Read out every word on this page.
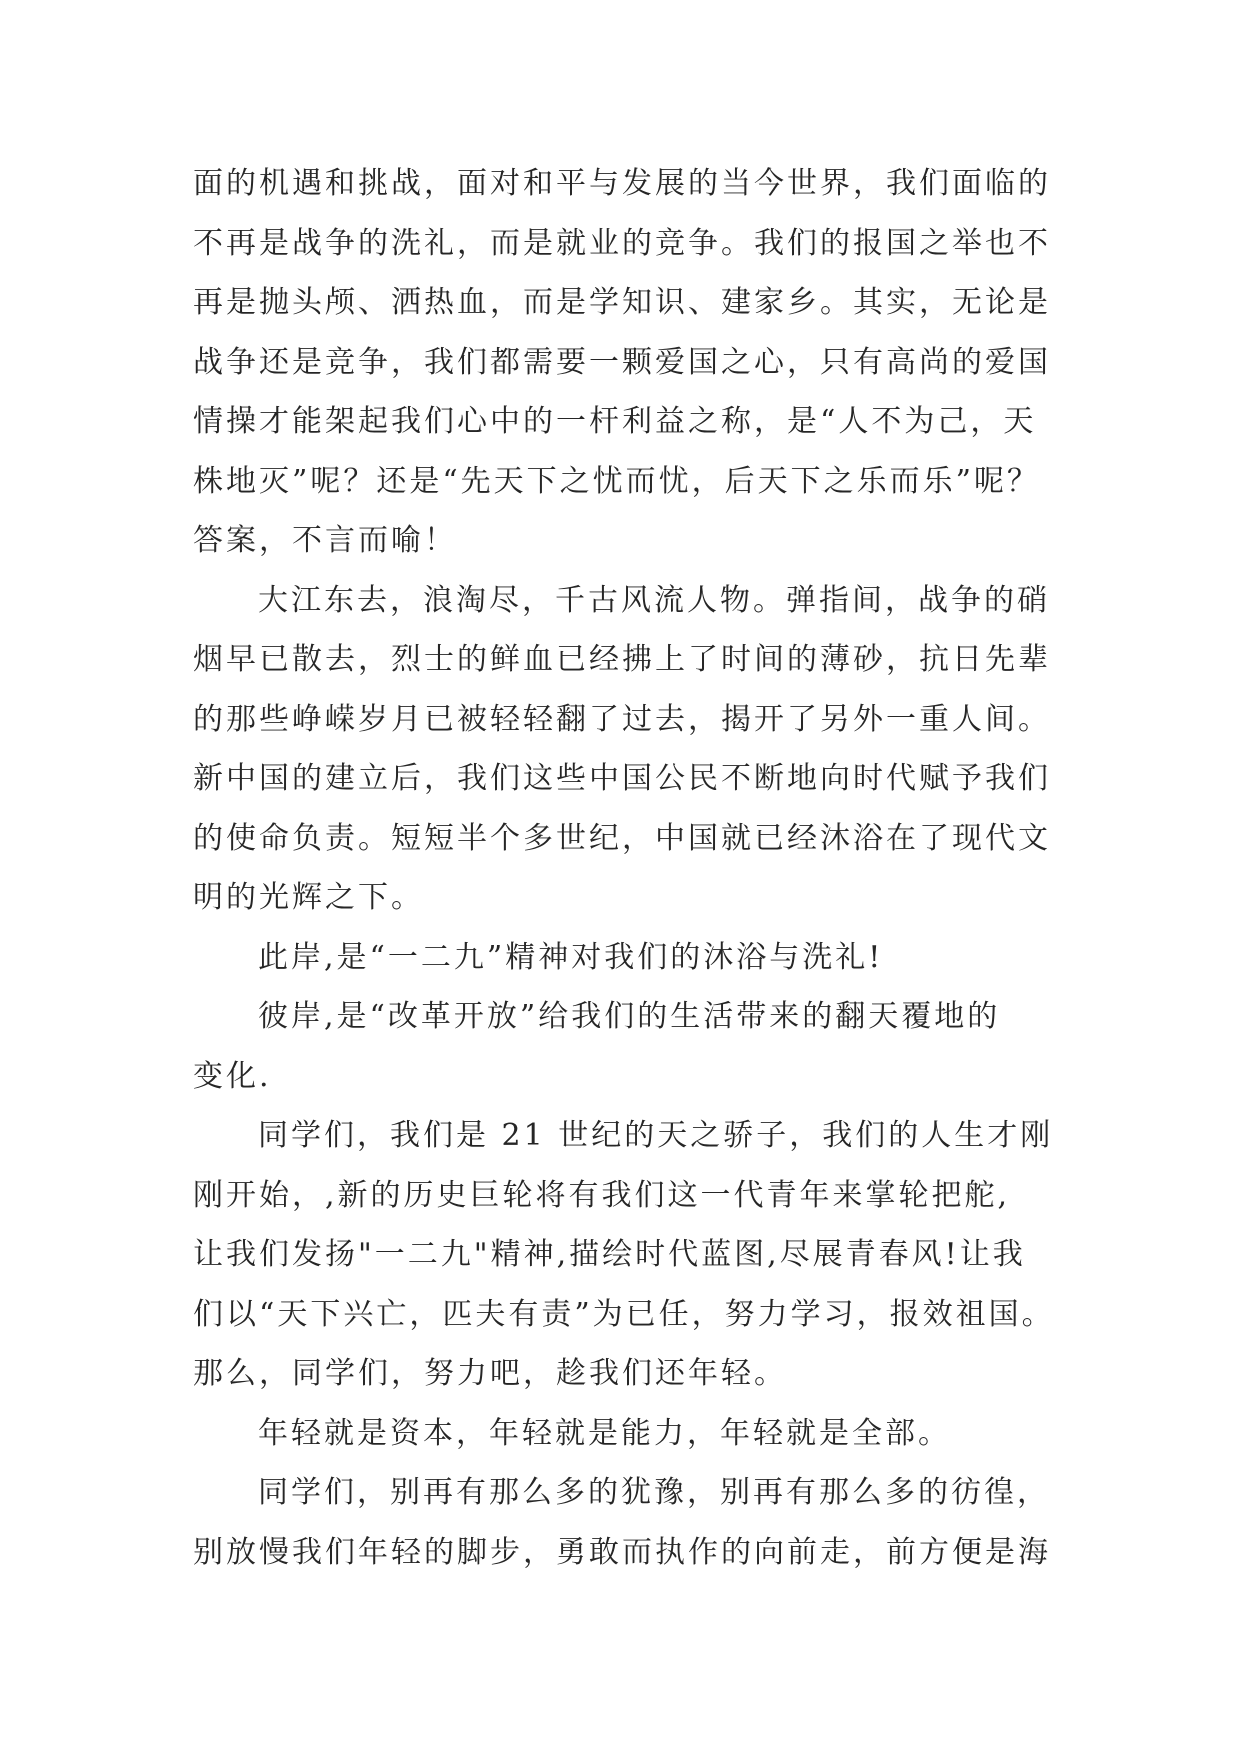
面的机遇和挑战，面对和平与发展的当今世界，我们面临的
不再是战争的洗礼，而是就业的竞争。我们的报国之举也不
再是抛头颅、洒热血，而是学知识、建家乡。其实，无论是
战争还是竞争，我们都需要一颗爱国之心，只有高尚的爱国
情操才能架起我们心中的一杆利益之称，是“人不为己，天
株地灭”呢？还是“先天下之忧而忧，后天下之乐而乐”呢？
答案，不言而喻！
大江东去，浪淘尽，千古风流人物。弹指间，战争的硝
烟早已散去，烈士的鲜血已经拂上了时间的薄砂，抗日先辈
的那些峥嵘岁月已被轻轻翻了过去，揭开了另外一重人间。
新中国的建立后，我们这些中国公民不断地向时代赋予我们
的使命负责。短短半个多世纪，中国就已经沐浴在了现代文
明的光辉之下。
此岸,是“一二九”精神对我们的沐浴与洗礼!
彼岸,是“改革开放”给我们的生活带来的翻天覆地的
变化.
同学们，我们是 21 世纪的天之骄子，我们的人生才刚
刚开始，,新的历史巨轮将有我们这一代青年来掌轮把舵,
让我们发扬"一二九"精神,描绘时代蓝图,尽展青春风!让我
们以“天下兴亡，匹夫有责”为已任，努力学习，报效祖国。
那么，同学们，努力吧，趁我们还年轻。
年轻就是资本，年轻就是能力，年轻就是全部。
同学们，别再有那么多的犹豫，别再有那么多的彷徨，
别放慢我们年轻的脚步，勇敢而执作的向前走，前方便是海
